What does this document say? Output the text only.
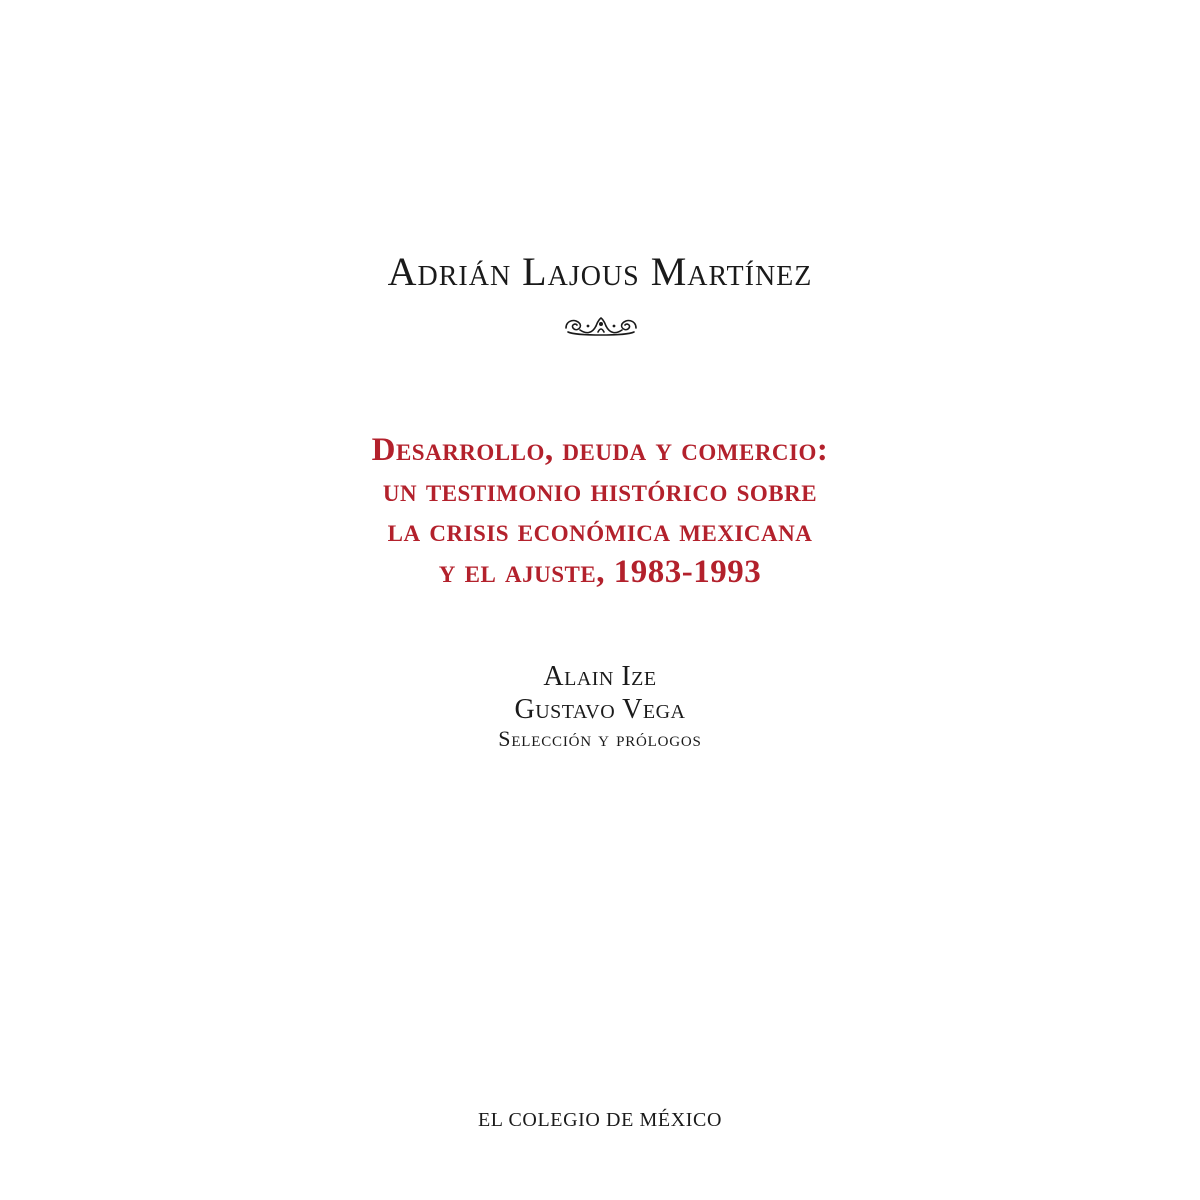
Adrián Lajous Martínez
Desarrollo, deuda y comercio:
un testimonio histórico sobre
la crisis económica mexicana
y el ajuste, 1983-1993
Alain Ize
Gustavo Vega
Selección y prólogos
EL COLEGIO DE MÉXICO
